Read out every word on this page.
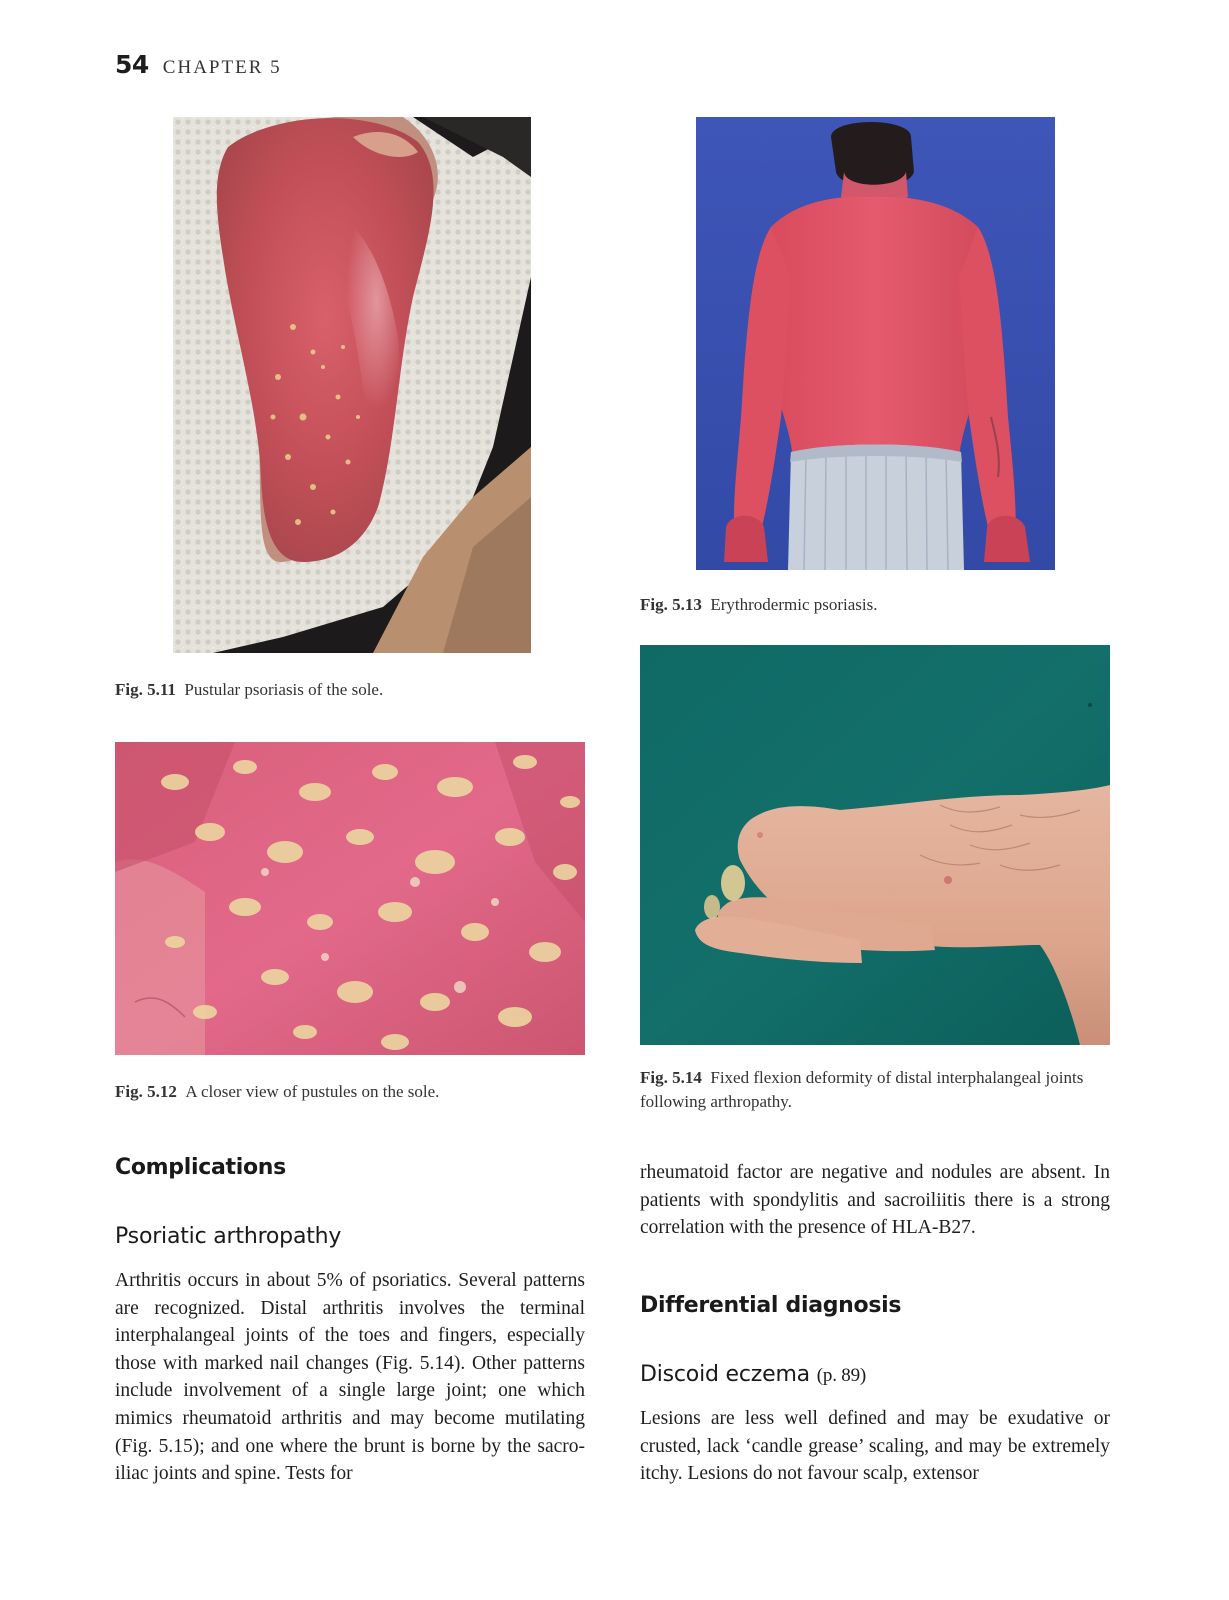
54 CHAPTER 5
Fig. 5.11 Pustular psoriasis of the sole.
Fig. 5.12 A closer view of pustules on the sole.
Fig. 5.13 Erythrodermic psoriasis.
Fig. 5.14 Fixed flexion deformity of distal interphalangeal joints following arthropathy.
Complications
Psoriatic arthropathy
Arthritis occurs in about 5% of psoriatics. Several patterns are recognized. Distal arthritis involves the terminal interphalangeal joints of the toes and fingers, especially those with marked nail changes (Fig. 5.14). Other patterns include involvement of a single large joint; one which mimics rheumatoid arthritis and may become mutilating (Fig. 5.15); and one where the brunt is borne by the sacro-iliac joints and spine. Tests for
rheumatoid factor are negative and nodules are absent. In patients with spondylitis and sacroiliitis there is a strong correlation with the presence of HLA-B27.
Differential diagnosis
Discoid eczema (p. 89)
Lesions are less well defined and may be exudative or crusted, lack ‘candle grease’ scaling, and may be extremely itchy. Lesions do not favour scalp, extensor
